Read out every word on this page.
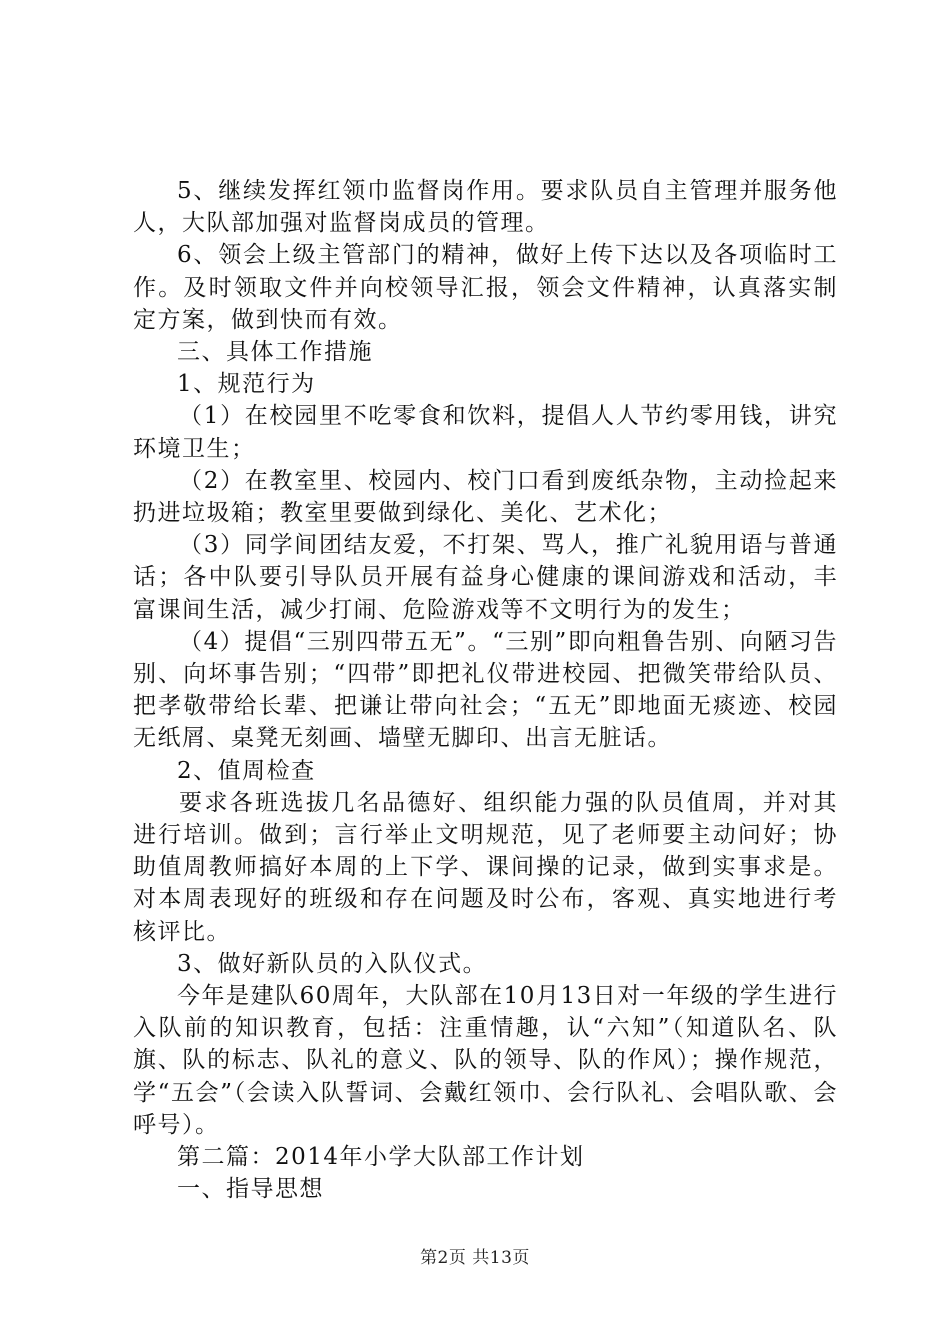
5、继续发挥红领巾监督岗作用。要求队员自主管理并服务他人，大队部加强对监督岗成员的管理。

6、领会上级主管部门的精神，做好上传下达以及各项临时工作。及时领取文件并向校领导汇报，领会文件精神，认真落实制定方案，做到快而有效。

三、具体工作措施

1、规范行为

（1）在校园里不吃零食和饮料，提倡人人节约零用钱，讲究环境卫生；

（2）在教室里、校园内、校门口看到废纸杂物，主动捡起来扔进垃圾箱；教室里要做到绿化、美化、艺术化；

（3）同学间团结友爱，不打架、骂人，推广礼貌用语与普通话；各中队要引导队员开展有益身心健康的课间游戏和活动，丰富课间生活，减少打闹、危险游戏等不文明行为的发生；

（4）提倡“三别四带五无”。“三别”即向粗鲁告别、向陋习告别、向坏事告别；“四带”即把礼仪带进校园、把微笑带给队员、把孝敬带给长辈、把谦让带向社会；“五无”即地面无痰迹、校园无纸屑、桌凳无刻画、墙壁无脚印、出言无脏话。

2、值周检查

要求各班选拔几名品德好、组织能力强的队员值周，并对其进行培训。做到；言行举止文明规范，见了老师要主动问好；协助值周教师搞好本周的上下学、课间操的记录，做到实事求是。对本周表现好的班级和存在问题及时公布，客观、真实地进行考核评比。

3、做好新队员的入队仪式。

今年是建队60周年，大队部在10月13日对一年级的学生进行入队前的知识教育，包括：注重情趣，认“六知”（知道队名、队旗、队的标志、队礼的意义、队的领导、队的作风）；操作规范，学“五会”（会读入队誓词、会戴红领巾、会行队礼、会唱队歌、会呼号）。

第二篇：2014年小学大队部工作计划

一、指导思想

第2页 共13页
